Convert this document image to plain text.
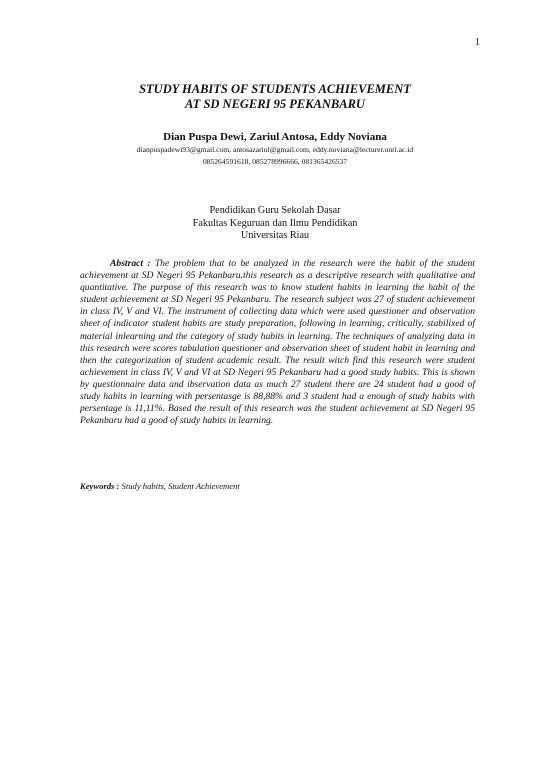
1
STUDY HABITS OF STUDENTS ACHIEVEMENT
AT SD NEGERI 95 PEKANBARU
Dian Puspa Dewi, Zariul Antosa, Eddy Noviana
dianpuspadewi93@gmail.com, antosazariul@gmail.com, eddy.noviana@lecturer.unri.ac.id
085264591618, 085278996666, 081365426537
Pendidikan Guru Sekolah Dasar
Fakultas Keguruan dan Ilmu Pendidikan
Universitas Riau

Abstract : The problem that to be analyzed in the research were the habit of the student achievement at SD Negeri 95 Pekanbaru.this research as a descriptive research with qualitative and quantitative. The purpose of this research was to know student habits in learning the habit of the student achievement at SD Negeri 95 Pekanbaru. The research subject was 27 of student achievement in class IV, V and VI. The instrument of collecting data which were used questioner and observation sheet of indicator student habits are study preparation, following in learning, critically, stabilixed of material inlearning and the category of study habits in learning. The techniques of analyzing data in this research were scores tabulation questioner and observation sheet of student habit in learning and then the categorization of student academic result. The result witch find this research were student achievement in class IV, V and VI at SD Negeri 95 Pekanbaru had a good study habits. This is shown by questionnaire data and ibservation data as much 27 student there are 24 student had a good of study habits in learning with persentasge is 88,88% and 3 student had a enough of study habits with persentage is 11,11%. Based the result of this research was the student achievement at SD Negeri 95 Pekanbaru had a good of study habits in learning.

Keywords : Study habits, Student Achievement
